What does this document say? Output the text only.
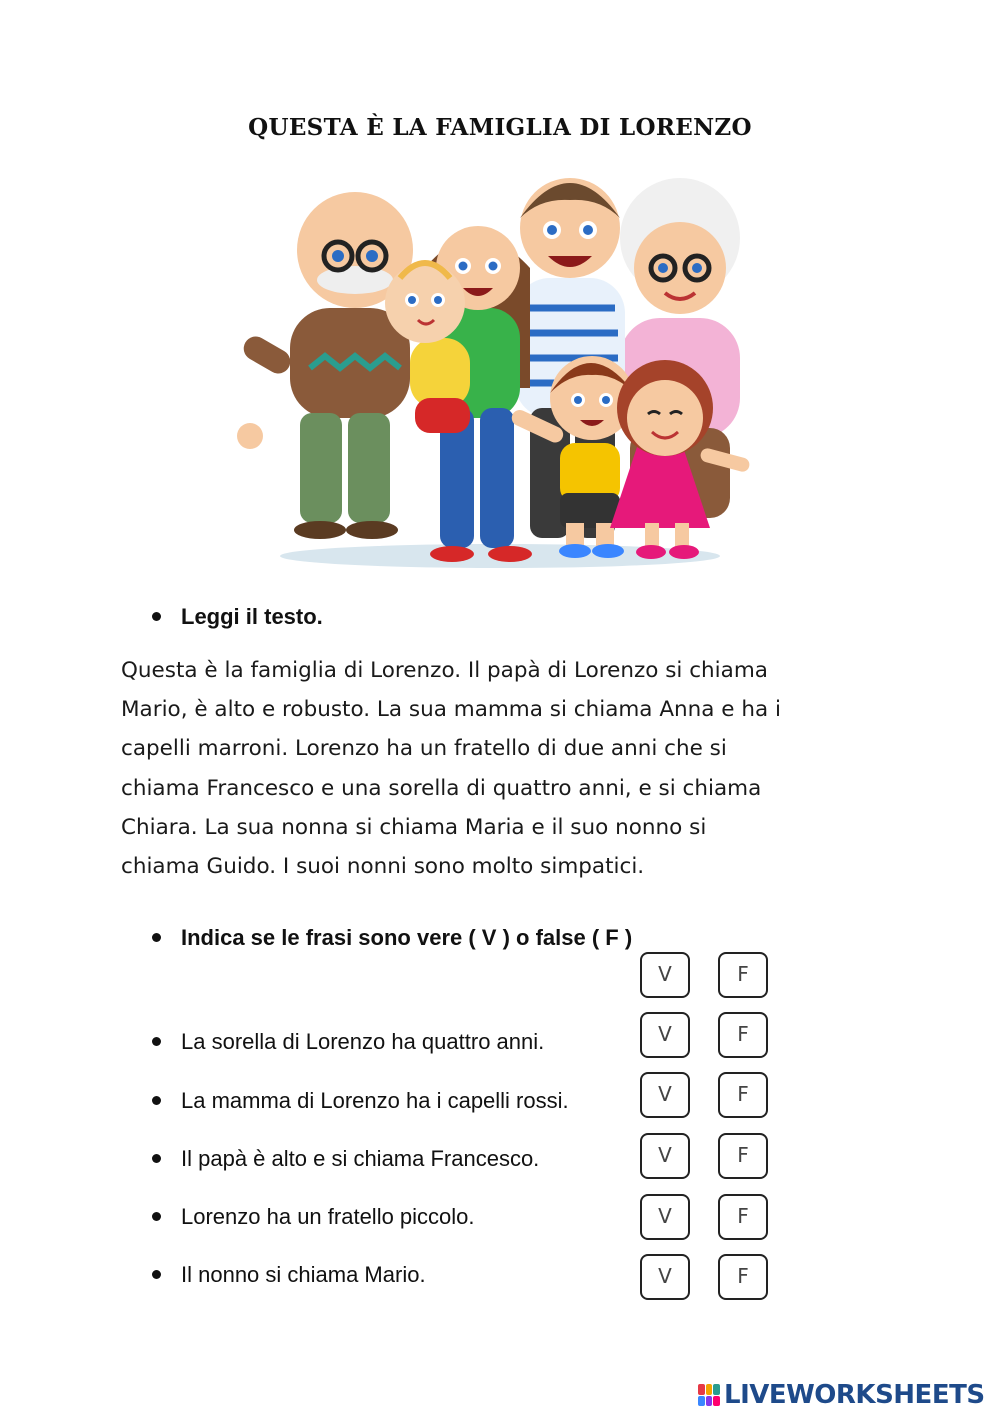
QUESTA È LA FAMIGLIA DI LORENZO
Leggi il testo.
Questa è la famiglia di Lorenzo. Il papà di Lorenzo si chiama
Mario, è alto e robusto. La sua mamma si chiama Anna e ha i
capelli marroni. Lorenzo ha un fratello di due anni che si
chiama Francesco e una sorella di quattro anni, e si chiama
Chiara. La sua nonna si chiama Maria e il suo nonno si
chiama Guido. I suoi nonni sono molto simpatici.
Indica se le frasi sono vere ( V ) o false ( F )
V	F
La sorella di Lorenzo ha quattro anni.	V	F
La mamma di Lorenzo ha i capelli rossi.	V	F
Il papà è alto e si chiama Francesco.	V	F
Lorenzo ha un fratello piccolo.	V	F
Il nonno si chiama Mario.	V	F
LIVEWORKSHEETS
